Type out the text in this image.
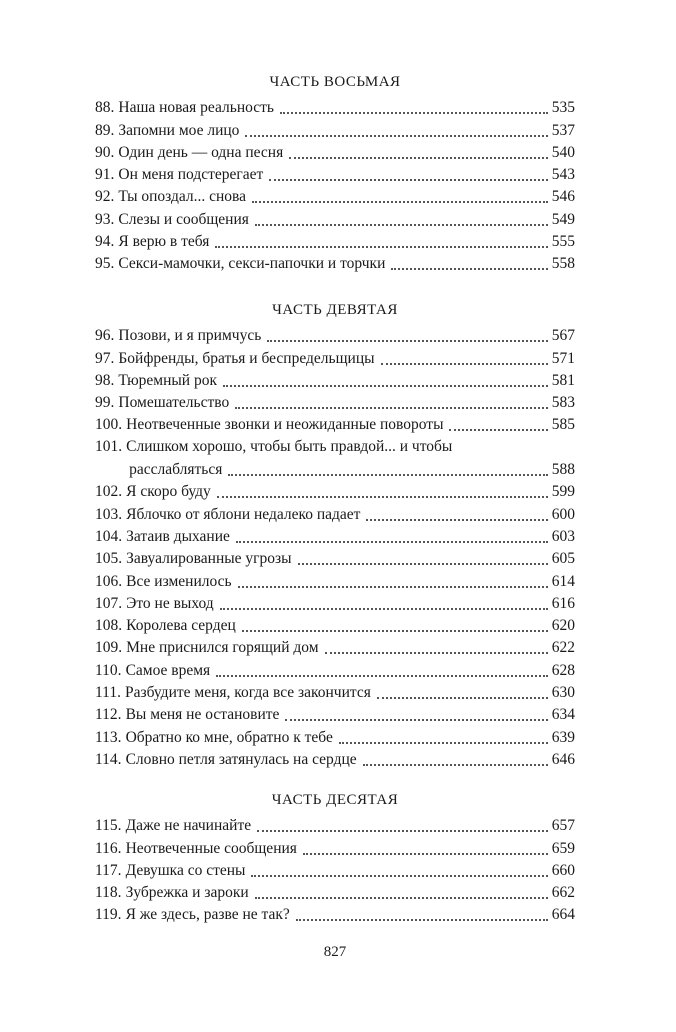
ЧАСТЬ ВОСЬМАЯ
88. Наша новая реальность	535
89. Запомни мое лицо	537
90. Один день — одна песня	540
91. Он меня подстерегает	543
92. Ты опоздал... снова	546
93. Слезы и сообщения	549
94. Я верю в тебя	555
95. Секси-мамочки, секси-папочки и торчки	558
ЧАСТЬ ДЕВЯТАЯ
96. Позови, и я примчусь	567
97. Бойфренды, братья и беспредельщицы	571
98. Тюремный рок	581
99. Помешательство	583
100. Неотвеченные звонки и неожиданные повороты	585
101. Слишком хорошо, чтобы быть правдой... и чтобы
расслабляться	588
102. Я скоро буду	599
103. Яблочко от яблони недалеко падает	600
104. Затаив дыхание	603
105. Завуалированные угрозы	605
106. Все изменилось	614
107. Это не выход	616
108. Королева сердец	620
109. Мне приснился горящий дом	622
110. Самое время	628
111. Разбудите меня, когда все закончится	630
112. Вы меня не остановите	634
113. Обратно ко мне, обратно к тебе	639
114. Словно петля затянулась на сердце	646
ЧАСТЬ ДЕСЯТАЯ
115. Даже не начинайте	657
116. Неотвеченные сообщения	659
117. Девушка со стены	660
118. Зубрежка и зароки	662
119. Я же здесь, разве не так?	664
827
